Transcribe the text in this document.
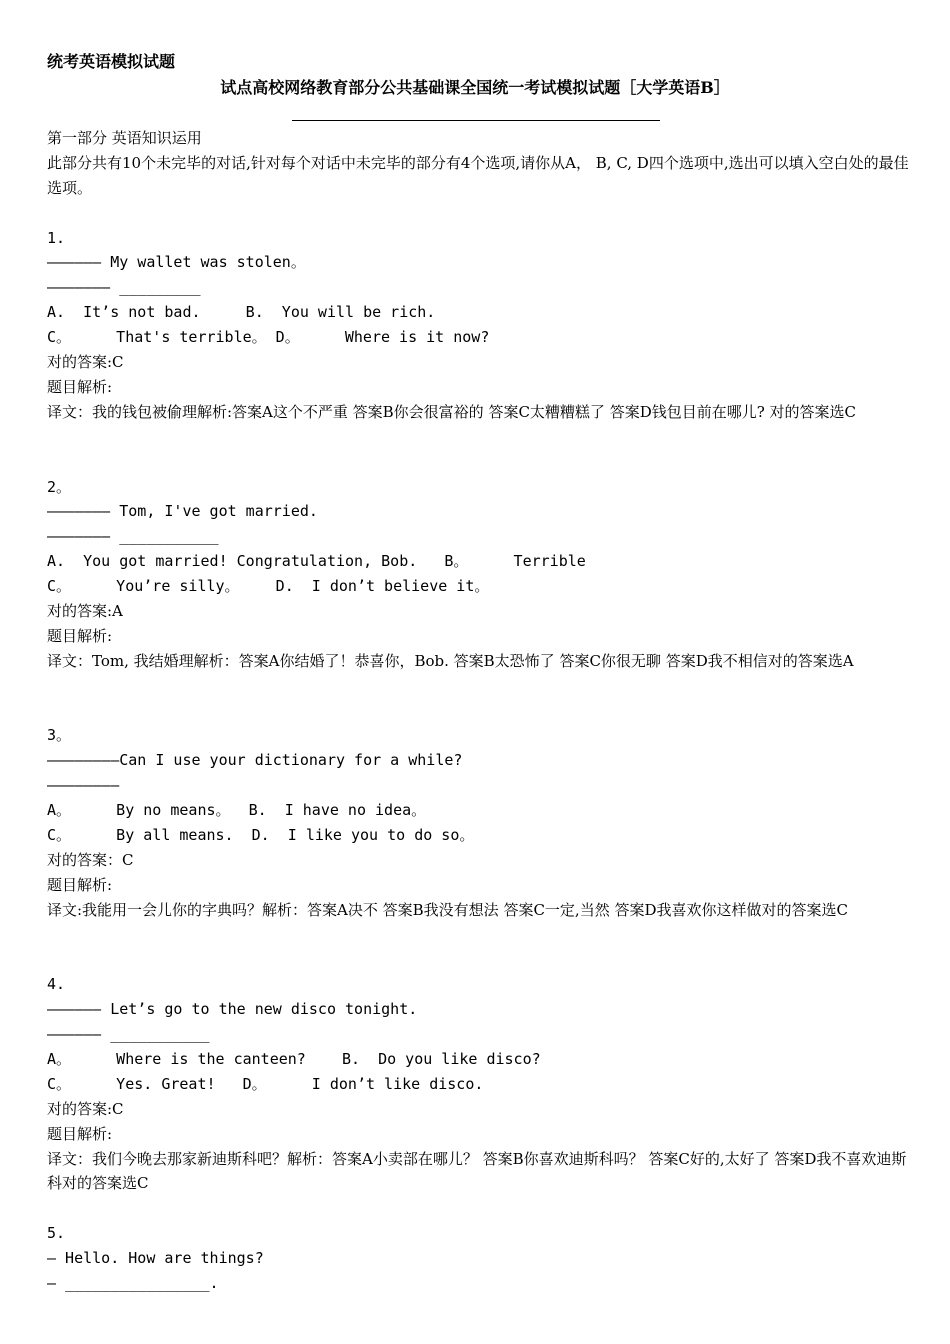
统考英语模拟试题
试点高校网络教育部分公共基础课全国统一考试模拟试题［大学英语B］
第一部分 英语知识运用
此部分共有10个未完毕的对话,针对每个对话中未完毕的部分有4个选项,请你从A， B, C, D四个选项中,选出可以填入空白处的最佳选项。
1.
—————— My wallet was stolen。
——————— _________
A.  It’s not bad.     B.  You will be rich.
C。     That's terrible。 D。     Where is it now?
对的答案:C
题目解析:
译文：我的钱包被偷理解析:答案A这个不严重 答案B你会很富裕的 答案C太糟糟糕了 答案D钱包目前在哪儿? 对的答案选C
2。
——————— Tom, I've got married.
——————— ___________
A.  You got married! Congratulation, Bob.   B。     Terrible
C。     You’re silly。    D.  I don’t believe it。
对的答案:A
题目解析:
译文：Tom, 我结婚理解析：答案A你结婚了！恭喜你，Bob. 答案B太恐怖了 答案C你很无聊 答案D我不相信对的答案选A
3。
————————Can I use your dictionary for a while?
————————
A。     By no means。  B.  I have no idea。
C。     By all means.  D.  I like you to do so。
对的答案：C
题目解析:
译文:我能用一会儿你的字典吗？解析：答案A决不 答案B我没有想法 答案C一定,当然 答案D我喜欢你这样做对的答案选C
4.
—————— Let’s go to the new disco tonight.
—————— ___________
A。     Where is the canteen?    B.  Do you like disco?
C。     Yes. Great!   D。     I don’t like disco.
对的答案:C
题目解析:
译文：我们今晚去那家新迪斯科吧？解析：答案A小卖部在哪儿？ 答案B你喜欢迪斯科吗？ 答案C好的,太好了 答案D我不喜欢迪斯科对的答案选C
5.
— Hello. How are things?
— ________________.
